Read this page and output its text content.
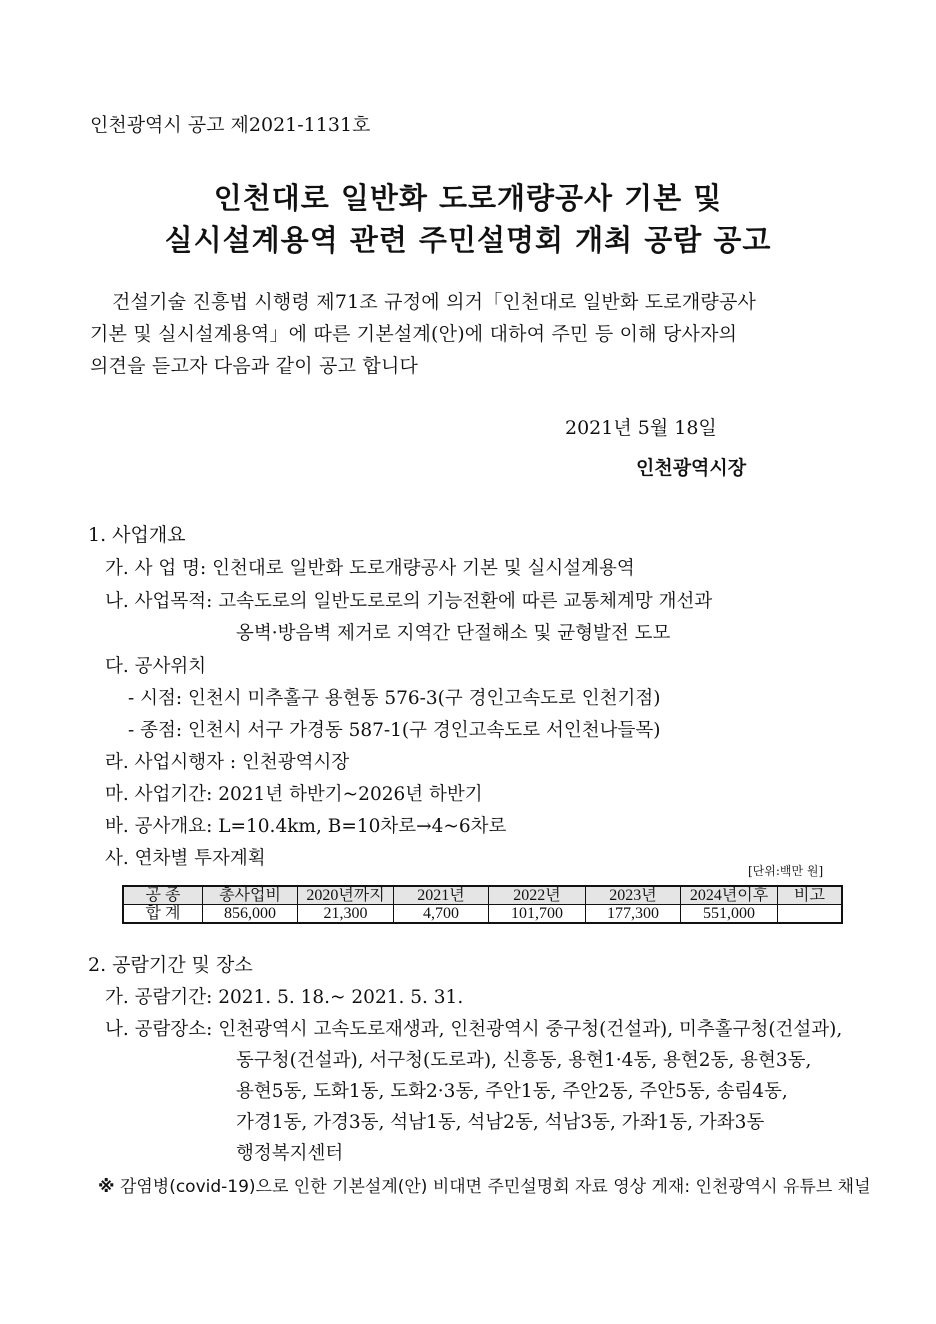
인천광역시 공고 제2021-1131호
인천대로 일반화 도로개량공사 기본 및
실시설계용역 관련 주민설명회 개최 공람 공고
건설기술 진흥법 시행령 제71조 규정에 의거「인천대로 일반화 도로개량공사
기본 및 실시설계용역」에 따른 기본설계(안)에 대하여 주민 등 이해 당사자의
의견을 듣고자 다음과 같이 공고 합니다
2021년 5월 18일
인천광역시장
1. 사업개요
가. 사 업 명: 인천대로 일반화 도로개량공사 기본 및 실시설계용역
나. 사업목적: 고속도로의 일반도로로의 기능전환에 따른 교통체계망 개선과
옹벽·방음벽 제거로 지역간 단절해소 및 균형발전 도모
다. 공사위치
- 시점: 인천시 미추홀구 용현동 576-3(구 경인고속도로 인천기점)
- 종점: 인천시 서구 가경동 587-1(구 경인고속도로 서인천나들목)
라. 사업시행자 : 인천광역시장
마. 사업기간: 2021년 하반기~2026년 하반기
바. 공사개요: L=10.4km, B=10차로→4~6차로
사. 연차별 투자계획
[단위:백만 원]
공 종	총사업비	2020년까지	2021년	2022년	2023년	2024년이후	비고
합 계	856,000	21,300	4,700	101,700	177,300	551,000	
2. 공람기간 및 장소
가. 공람기간: 2021. 5. 18.~ 2021. 5. 31.
나. 공람장소: 인천광역시 고속도로재생과, 인천광역시 중구청(건설과), 미추홀구청(건설과),
동구청(건설과), 서구청(도로과), 신흥동, 용현1·4동, 용현2동, 용현3동,
용현5동, 도화1동, 도화2·3동, 주안1동, 주안2동, 주안5동, 송림4동,
가경1동, 가경3동, 석남1동, 석남2동, 석남3동, 가좌1동, 가좌3동
행정복지센터
※ 감염병(covid-19)으로 인한 기본설계(안) 비대면 주민설명회 자료 영상 게재: 인천광역시 유튜브 채널
